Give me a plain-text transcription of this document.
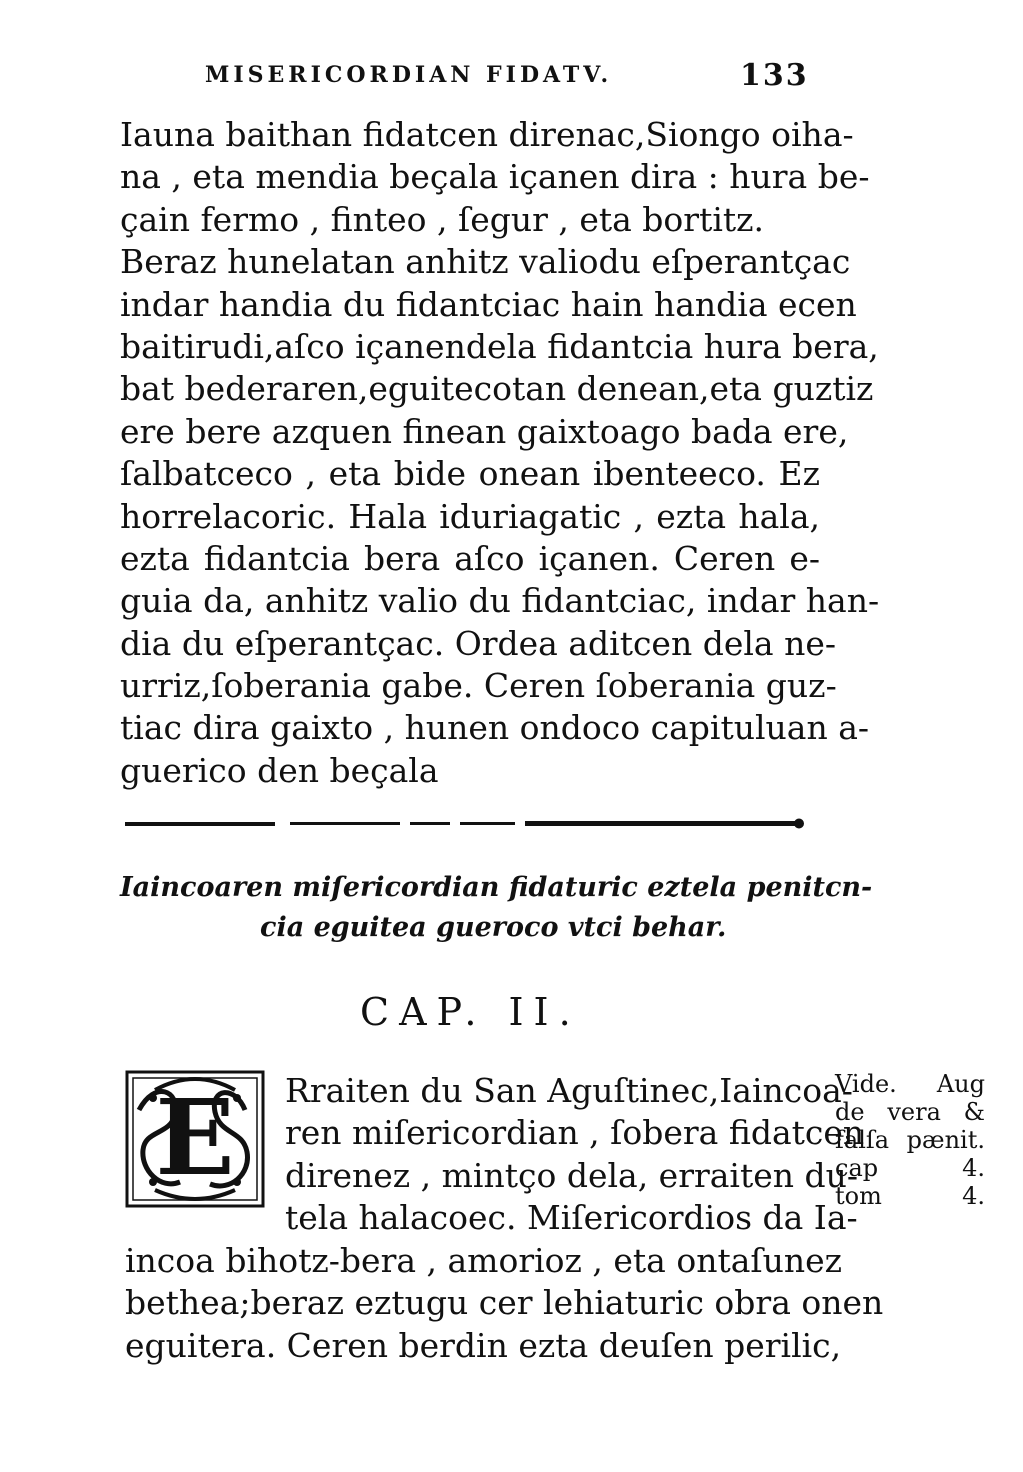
MISERICORDIAN FIDATV.	133
Iauna baithan fidatcen direnac,Siongo oiha-
na , eta mendia beçala içanen dira : hura be-
çain fermo , finteo , ſegur , eta bortitz.
Beraz hunelatan anhitz valiodu eſperantçac
indar handia du fidantciac hain handia ecen
baitirudi,aſco içanendela fidantcia hura bera,
bat bederaren,eguitecotan denean,eta guztiz
ere bere azquen finean gaixtoago bada ere,
ſalbatceco , eta bide onean ibenteeco. Ez
horrelacoric. Hala iduriagatic , ezta hala,
ezta fidantcia bera aſco içanen. Ceren e-
guia da, anhitz valio du fidantciac, indar han-
dia du eſperantçac. Ordea aditcen dela ne-
urriz,ſoberania gabe. Ceren ſoberania guz-
tiac dira gaixto , hunen ondoco capituluan a-
guerico den beçala
Iaincoaren miſericordian fidaturic eztela penitcn-
cia eguitea gueroco vtci behar.
CAP. II.
E	Rraiten du San Aguſtinec,Iaincoa-
ren miſericordian , ſobera fidatcen
direnez , mintço dela, erraiten du-
tela halacoec. Miſericordios da Ia-
incoa bihotz-bera , amorioz , eta ontaſunez
bethea;beraz eztugu cer lehiaturic obra onen
eguitera. Ceren berdin ezta deuſen perilic,
Vide. Aug
de vera &
falſa pænit.
cap 4.
tom 4.
